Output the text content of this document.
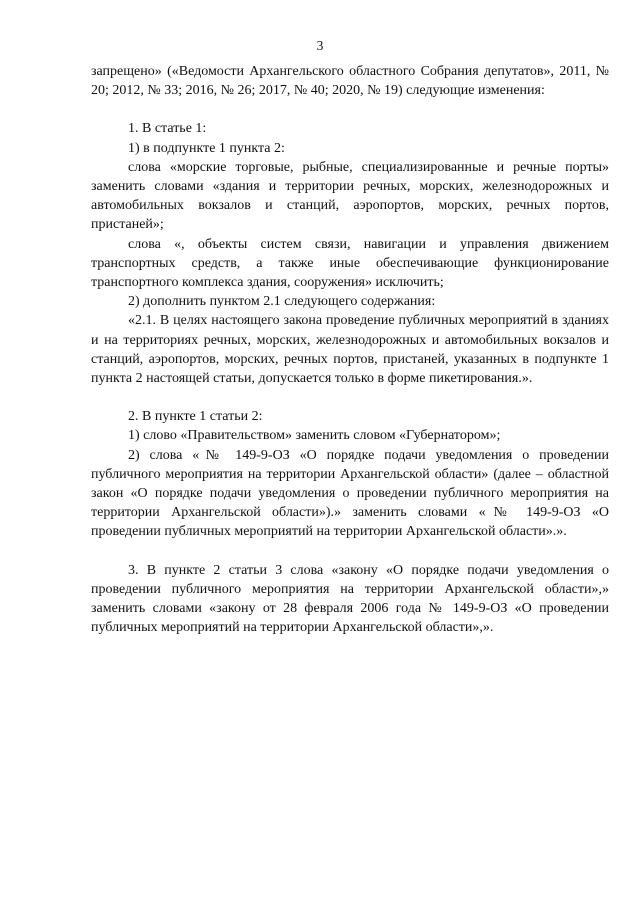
3

запрещено» («Ведомости Архангельского областного Собрания депутатов», 2011, № 20; 2012, № 33; 2016, № 26; 2017, № 40; 2020, № 19) следующие изменения:

1. В статье 1:

1) в подпункте 1 пункта 2:

слова «морские торговые, рыбные, специализированные и речные порты» заменить словами «здания и территории речных, морских, железнодорожных и автомобильных вокзалов и станций, аэропортов, морских, речных портов, пристаней»;

слова «, объекты систем связи, навигации и управления движением транспортных средств, а также иные обеспечивающие функционирование транспортного комплекса здания, сооружения» исключить;

2) дополнить пунктом 2.1 следующего содержания:

«2.1. В целях настоящего закона проведение публичных мероприятий в зданиях и на территориях речных, морских, железнодорожных и автомобильных вокзалов и станций, аэропортов, морских, речных портов, пристаней, указанных в подпункте 1 пункта 2 настоящей статьи, допускается только в форме пикетирования.».

2. В пункте 1 статьи 2:

1) слово «Правительством» заменить словом «Губернатором»;

2) слова «№ 149-9-ОЗ «О порядке подачи уведомления о проведении публичного мероприятия на территории Архангельской области» (далее – областной закон «О порядке подачи уведомления о проведении публичного мероприятия на территории Архангельской области»).» заменить словами «№ 149-9-ОЗ «О проведении публичных мероприятий на территории Архангельской области».».

3. В пункте 2 статьи 3 слова «закону «О порядке подачи уведомления о проведении публичного мероприятия на территории Архангельской области»,» заменить словами «закону от 28 февраля 2006 года № 149-9-ОЗ «О проведении публичных мероприятий на территории Архангельской области»,».
